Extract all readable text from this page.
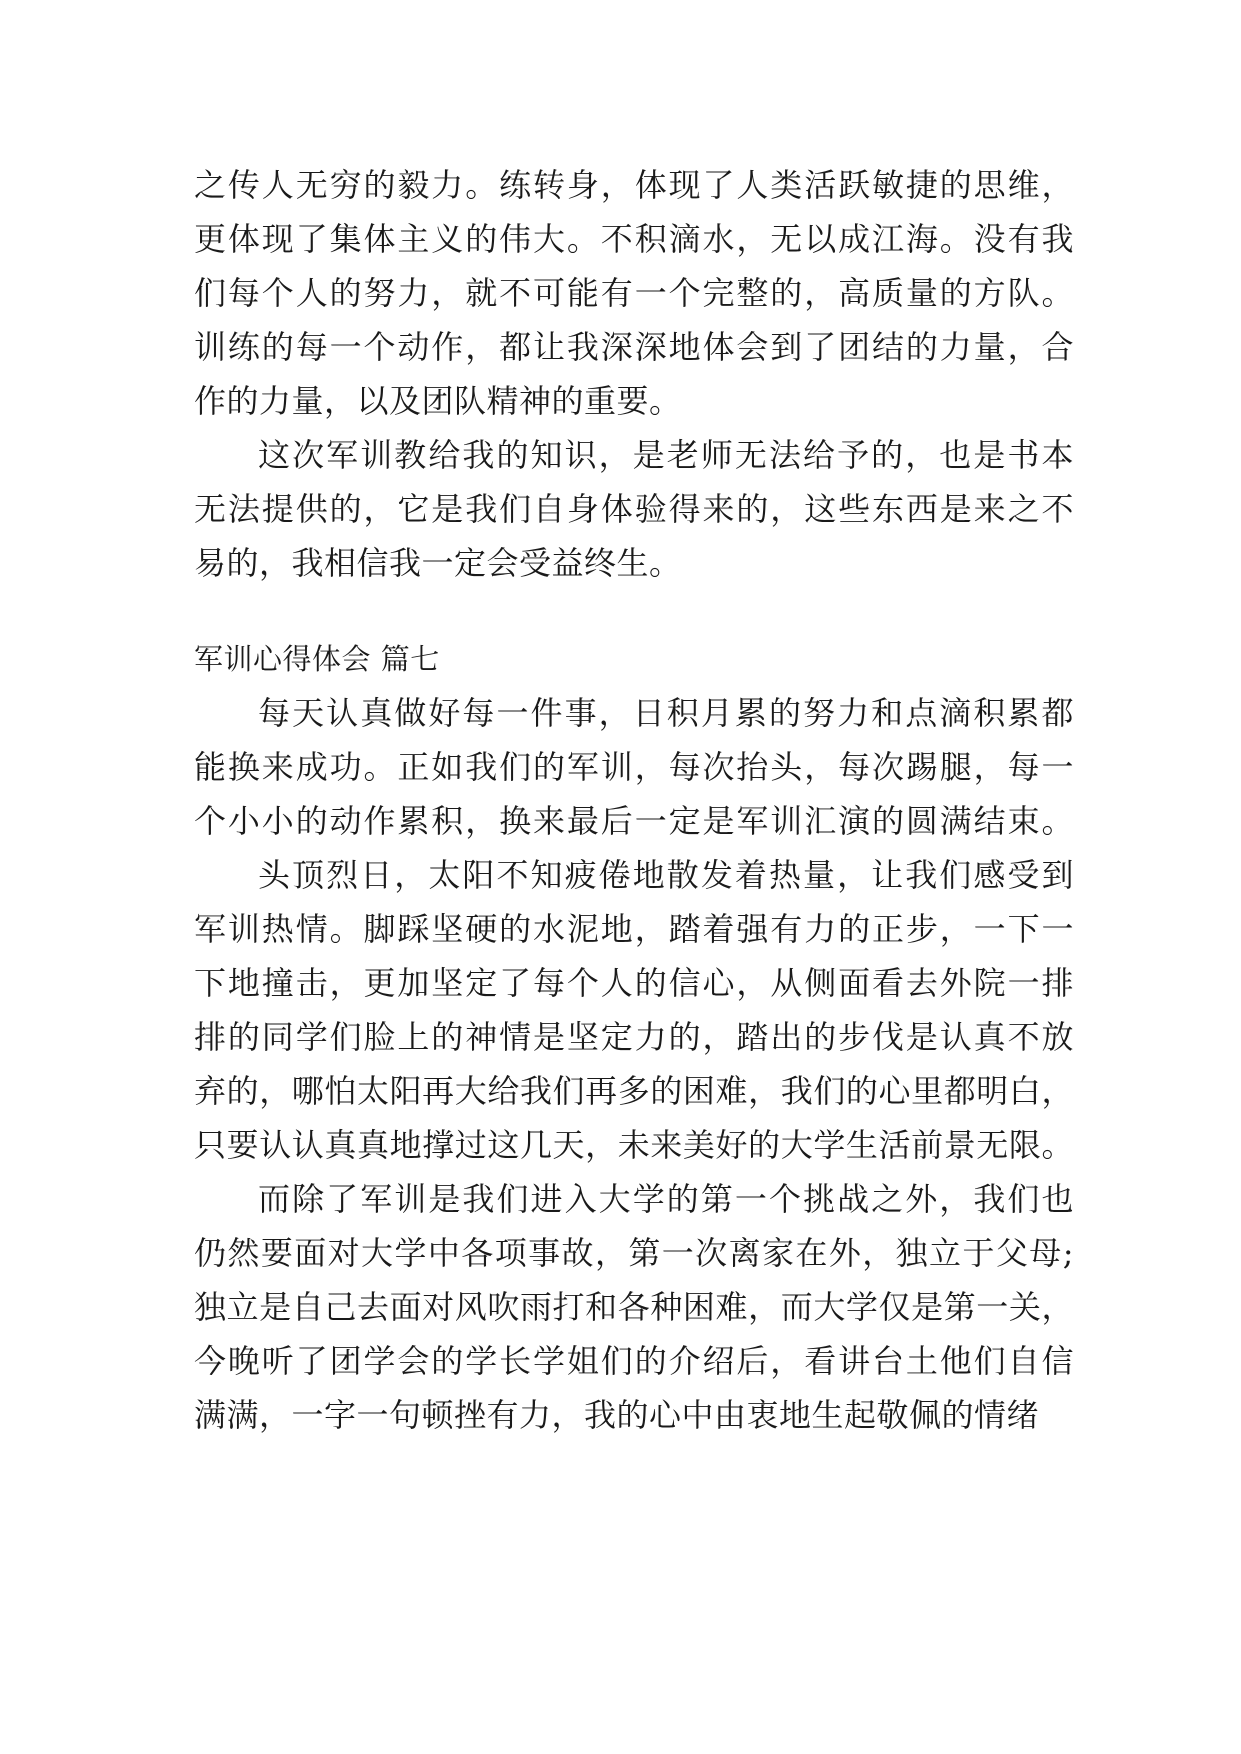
之传人无穷的毅力。练转身，体现了人类活跃敏捷的思维，
更体现了集体主义的伟大。不积滴水，无以成江海。没有我
们每个人的努力，就不可能有一个完整的，高质量的方队。
训练的每一个动作，都让我深深地体会到了团结的力量，合
作的力量，以及团队精神的重要。
这次军训教给我的知识，是老师无法给予的，也是书本
无法提供的，它是我们自身体验得来的，这些东西是来之不
易的，我相信我一定会受益终生。
军训心得体会 篇七
每天认真做好每一件事，日积月累的努力和点滴积累都
能换来成功。正如我们的军训，每次抬头，每次踢腿，每一
个小小的动作累积，换来最后一定是军训汇演的圆满结束。
头顶烈日，太阳不知疲倦地散发着热量，让我们感受到
军训热情。脚踩坚硬的水泥地，踏着强有力的正步，一下一
下地撞击，更加坚定了每个人的信心，从侧面看去外院一排
排的同学们脸上的神情是坚定力的，踏出的步伐是认真不放
弃的，哪怕太阳再大给我们再多的困难，我们的心里都明白，
只要认认真真地撑过这几天，未来美好的大学生活前景无限。
而除了军训是我们进入大学的第一个挑战之外，我们也
仍然要面对大学中各项事故，第一次离家在外，独立于父母;
独立是自己去面对风吹雨打和各种困难，而大学仅是第一关，
今晚听了团学会的学长学姐们的介绍后，看讲台土他们自信
满满，一字一句顿挫有力，我的心中由衷地生起敬佩的情绪
